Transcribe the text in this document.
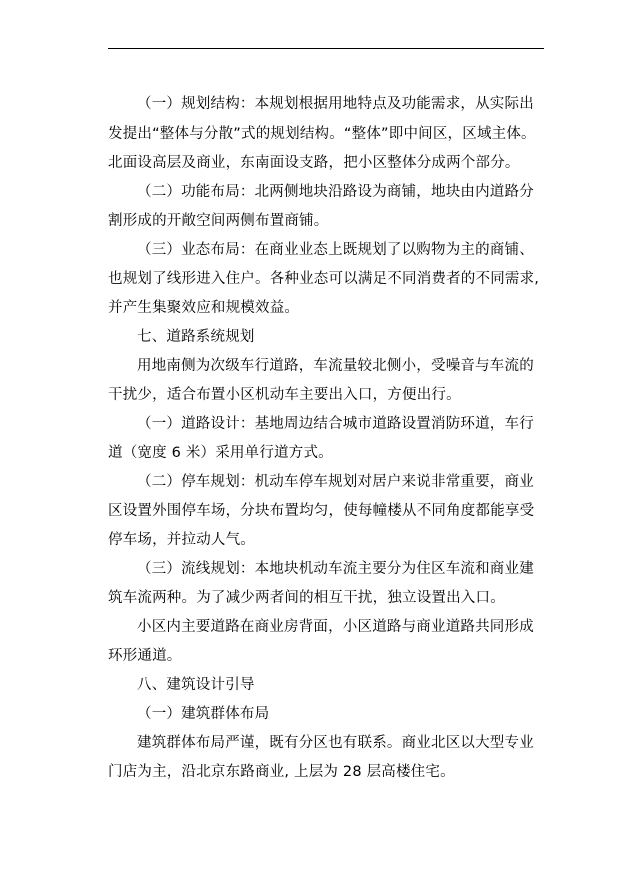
（一）规划结构：本规划根据用地特点及功能需求，从实际出
发提出“整体与分散”式的规划结构。“整体”即中间区，区域主体。
北面设高层及商业，东南面设支路，把小区整体分成两个部分。
（二）功能布局：北两侧地块沿路设为商铺，地块由内道路分
割形成的开敞空间两侧布置商铺。
（三）业态布局：在商业业态上既规划了以购物为主的商铺、
也规划了线形进入住户。各种业态可以满足不同消费者的不同需求,
并产生集聚效应和规模效益。
七、道路系统规划
用地南侧为次级车行道路，车流量较北侧小，受噪音与车流的
干扰少，适合布置小区机动车主要出入口，方便出行。
（一）道路设计：基地周边结合城市道路设置消防环道，车行
道（宽度 6 米）采用单行道方式。
（二）停车规划：机动车停车规划对居户来说非常重要，商业
区设置外围停车场，分块布置均匀，使每幢楼从不同角度都能享受
停车场，并拉动人气。
（三）流线规划：本地块机动车流主要分为住区车流和商业建
筑车流两种。为了减少两者间的相互干扰，独立设置出入口。
小区内主要道路在商业房背面，小区道路与商业道路共同形成
环形通道。
八、建筑设计引导
（一）建筑群体布局
建筑群体布局严谨，既有分区也有联系。商业北区以大型专业
门店为主，沿北京东路商业, 上层为 28 层高楼住宅。
